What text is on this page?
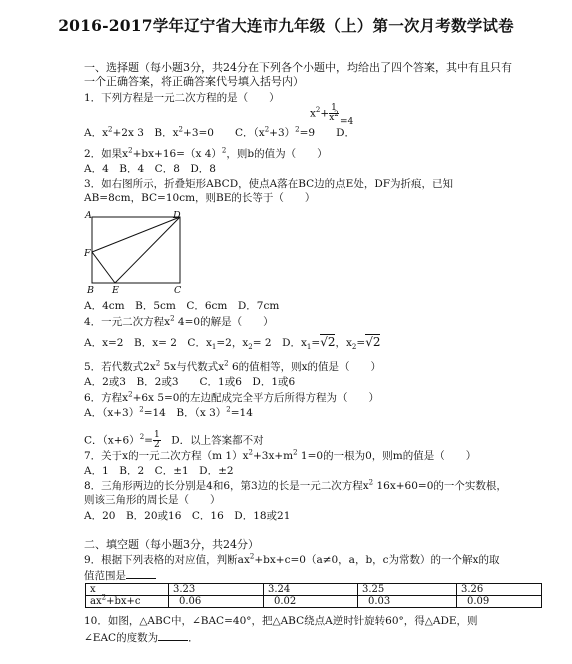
2016-2017学年辽宁省大连市九年级（上）第一次月考数学试卷
一、选择题（每小题3分，共24分在下列各个小题中，均给出了四个答案，其中有且只有
一个正确答案，将正确答案代号填入括号内）
1．下列方程是一元二次方程的是（　　）
$x^2+ \frac{1}{x^2}$
A．$x^2+2x$ 3　 B．$x^2+3=0$　　 C．$(x^2+3)^2=9$　　 D．
=4
2．如果$x^2+bx+16=(x$ 4）$^2$，则b的值为（　　）
A．4　B．4　C．8　D．8
3．如右图所示，折叠矩形ABCD，使点A落在BC边的点E处，DF为折痕，已知
AB=8cm，BC=10cm，则BE的长等于（　　）
A	D
F
B E	C
A．4cm　B．5cm　C．6cm　D．7cm
4．一元二次方程$x^2$ 4=0的解是（　　）
A．x=2　B．x= 2　C．$x_1=2$，$x_2= 2$　D．$x_1=√2$，$x_2=√2$
5．若代数式$2x^2$ 5x与代数式$x^2$ 6的值相等，则x的值是（　　）
A．2或3　B．2或3　　C．1或6　D．1或6
6．方程$x^2+6x$ 5=0的左边配成完全平方后所得方程为（　　）
A．$(x+3)^2=14$　B．（x 3）$^2$=14
C．$(x+6)^2= \frac{1}{2}$ 　D．以上答案都不对
7．关于x的一元二次方程（m $1)x^2+3x+m^2$ 1=0的一根为0，则m的值是（　　）
A．1　B．2　C．±1　D．±2
8．三角形两边的长分别是4和6，第3边的长是一元二次方程$x^2$ 16x+60=0的一个实数根，
则该三角形的周长是（　　）
A．20　B．20或16　C．16　D．18或21
二、填空题（每小题3分，共24分）
9．根据下列表格的对应值，判断$ax^2+bx+c=0(a\ne 0$，a，b，c为常数）的一个解x的取
值范围是
x	3.23	3.24	3.25	3.26
$ax^2+bx+c$	0.06	0.02	0.03	0.09
10．如图，△ABC中，∠BAC=40°，把△ABC绕点A逆时针旋转60°，得△ADE，则
∠EAC的度数为	．
